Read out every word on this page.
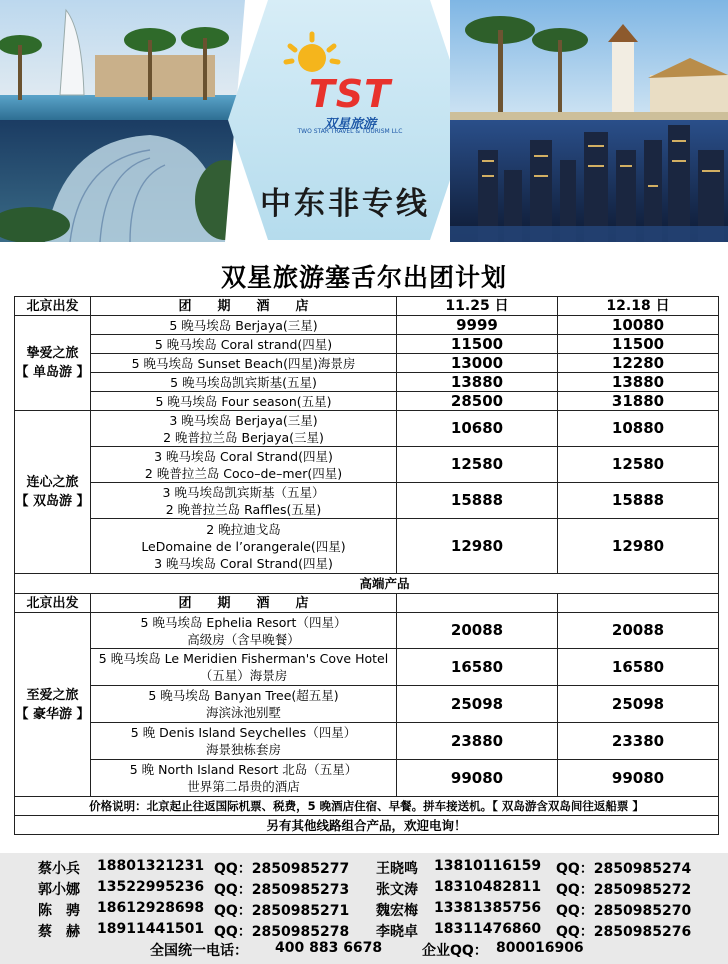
TST
双星旅游
TWO STAR TRAVEL & TOURISM LLC
中东非专线
双星旅游塞舌尔出团计划
北京出发	团　　期　　酒　　店	11.25 日	12.18 日
挚爱之旅
【 单岛游 】	5 晚马埃岛 Berjaya(三星)	9999	10080
	5 晚马埃岛 Coral strand(四星)	11500	11500
	5 晚马埃岛 Sunset Beach(四星)海景房	13000	12280
	5 晚马埃岛凯宾斯基(五星)	13880	13880
	5 晚马埃岛 Four season(五星)	28500	31880
连心之旅
【 双岛游 】	3 晚马埃岛 Berjaya(三星)
2 晚普拉兰岛 Berjaya(三星)	10680	10880
	3 晚马埃岛 Coral Strand(四星)
2 晚普拉兰岛 Coco–de–mer(四星)	12580	12580
	3 晚马埃岛凯宾斯基（五星）
2 晚普拉兰岛 Raffles(五星)	15888	15888
	2 晚拉迪戈岛
LeDomaine de l’orangerale(四星)
3 晚马埃岛 Coral Strand(四星)	12980	12980
高端产品			
北京出发	团　　期　　酒　　店		
至爱之旅
【 豪华游 】	5 晚马埃岛 Ephelia Resort（四星）
高级房（含早晚餐）	20088	20088
	5 晚马埃岛 Le Meridien Fisherman's Cove Hotel
（五星）海景房	16580	16580
	5 晚马埃岛 Banyan Tree(超五星)
海滨泳池别墅	25098	25098
	5 晚 Denis Island Seychelles（四星）
海景独栋套房	23880	23380
	5 晚 North Island Resort 北岛（五星）
世界第二昂贵的酒店	99080	99080
价格说明：北京起止往返国际机票、税费，5 晚酒店住宿、早餐。拼车接送机。【 双岛游含双岛间往返船票 】			
另有其他线路组合产品，欢迎电询！			
蔡小兵 18801321231 QQ：2850985277 王晓鸣 13810116159 QQ：2850985274
郭小娜 13522995236 QQ：2850985273 张文涛 18310482811 QQ：2850985272
陈　骋 18612928698 QQ：2850985271 魏宏梅 13381385756 QQ：2850985270
蔡　赫 18911441501 QQ：2850985278 李晓卓 18311476860 QQ：2850985276
全国统一电话： 400 883 6678	企业QQ： 800016906
